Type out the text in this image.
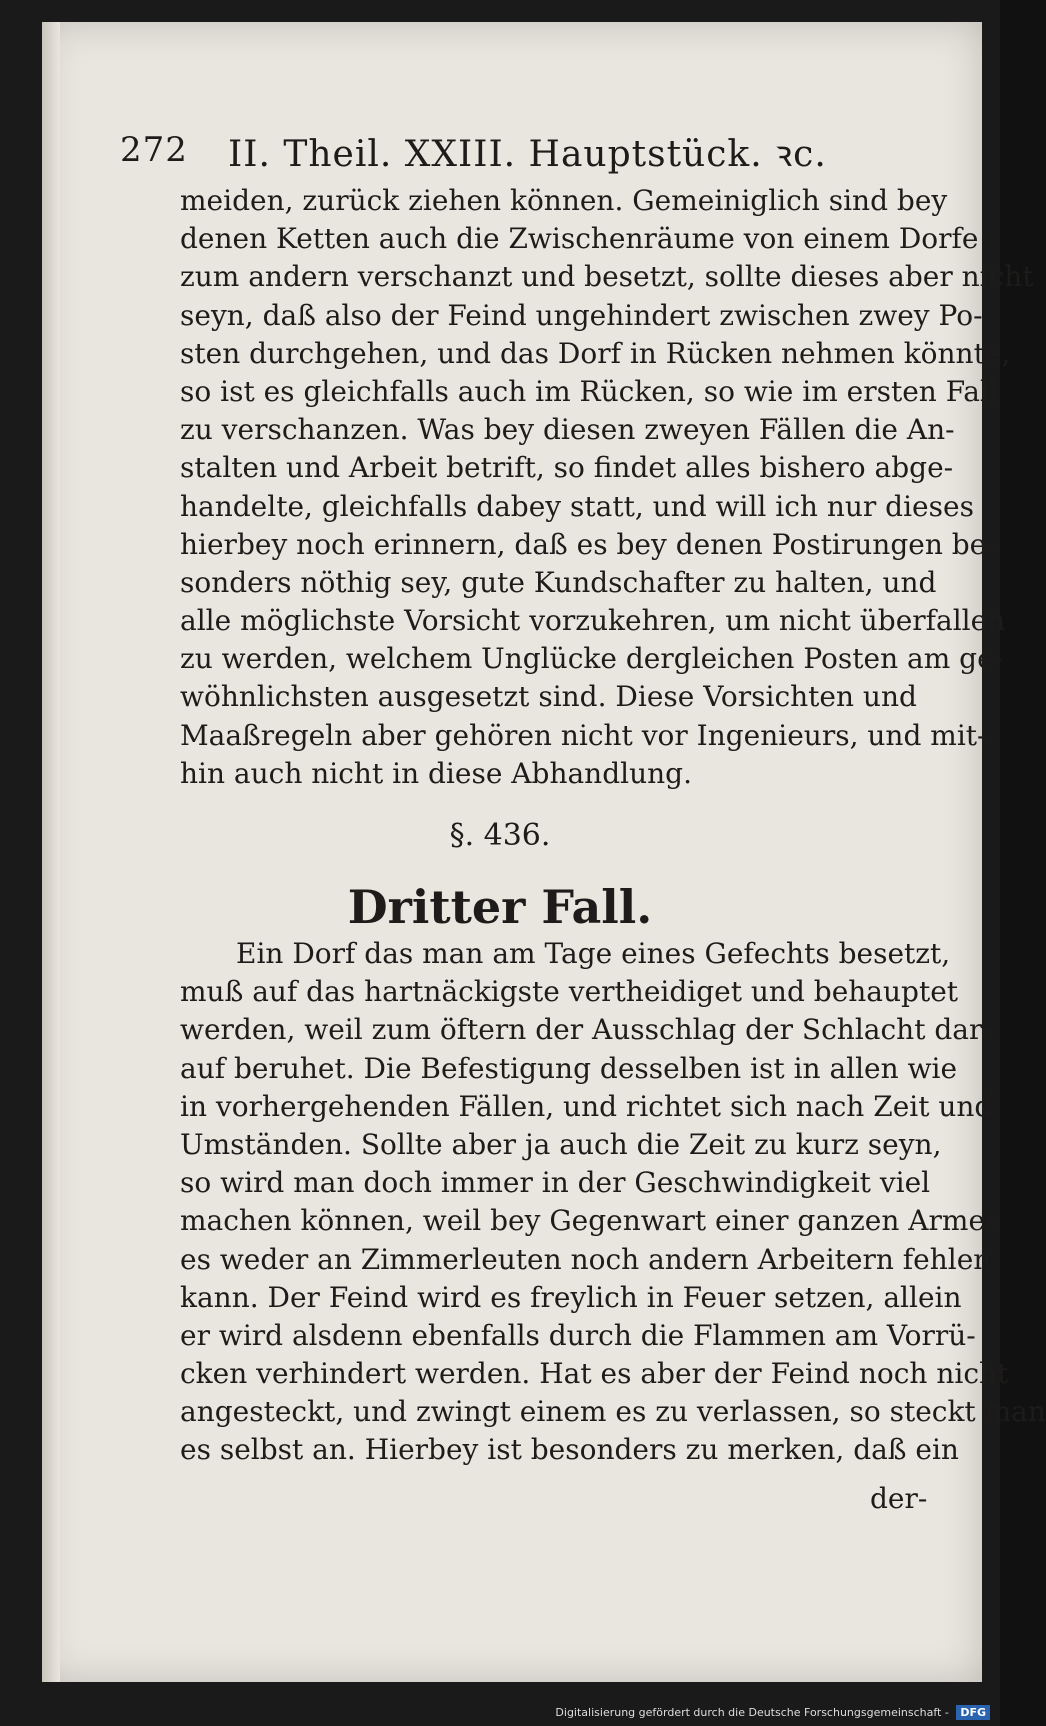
272 II. Theil. XXIII. Hauptstück. ꝛc.
meiden, zurück ziehen können. Gemeiniglich sind bey
denen Ketten auch die Zwischenräume von einem Dorfe
zum andern verschanzt und besetzt, sollte dieses aber nicht
seyn, daß also der Feind ungehindert zwischen zwey Po-
sten durchgehen, und das Dorf in Rücken nehmen könnte,
so ist es gleichfalls auch im Rücken, so wie im ersten Fall
zu verschanzen. Was bey diesen zweyen Fällen die An-
stalten und Arbeit betrift, so findet alles bishero abge-
handelte, gleichfalls dabey statt, und will ich nur dieses
hierbey noch erinnern, daß es bey denen Postirungen be-
sonders nöthig sey, gute Kundschafter zu halten, und
alle möglichste Vorsicht vorzukehren, um nicht überfallen
zu werden, welchem Unglücke dergleichen Posten am ge-
wöhnlichsten ausgesetzt sind. Diese Vorsichten und
Maaßregeln aber gehören nicht vor Ingenieurs, und mit-
hin auch nicht in diese Abhandlung.
§. 436.
Dritter Fall.
Ein Dorf das man am Tage eines Gefechts besetzt,
muß auf das hartnäckigste vertheidiget und behauptet
werden, weil zum öftern der Ausschlag der Schlacht dar-
auf beruhet. Die Befestigung desselben ist in allen wie
in vorhergehenden Fällen, und richtet sich nach Zeit und
Umständen. Sollte aber ja auch die Zeit zu kurz seyn,
so wird man doch immer in der Geschwindigkeit viel
machen können, weil bey Gegenwart einer ganzen Armee
es weder an Zimmerleuten noch andern Arbeitern fehlen
kann. Der Feind wird es freylich in Feuer setzen, allein
er wird alsdenn ebenfalls durch die Flammen am Vorrü-
cken verhindert werden. Hat es aber der Feind noch nicht
angesteckt, und zwingt einem es zu verlassen, so steckt man
es selbst an. Hierbey ist besonders zu merken, daß ein
der-
Digitalisierung gefördert durch die Deutsche Forschungsgemeinschaft - DFG
